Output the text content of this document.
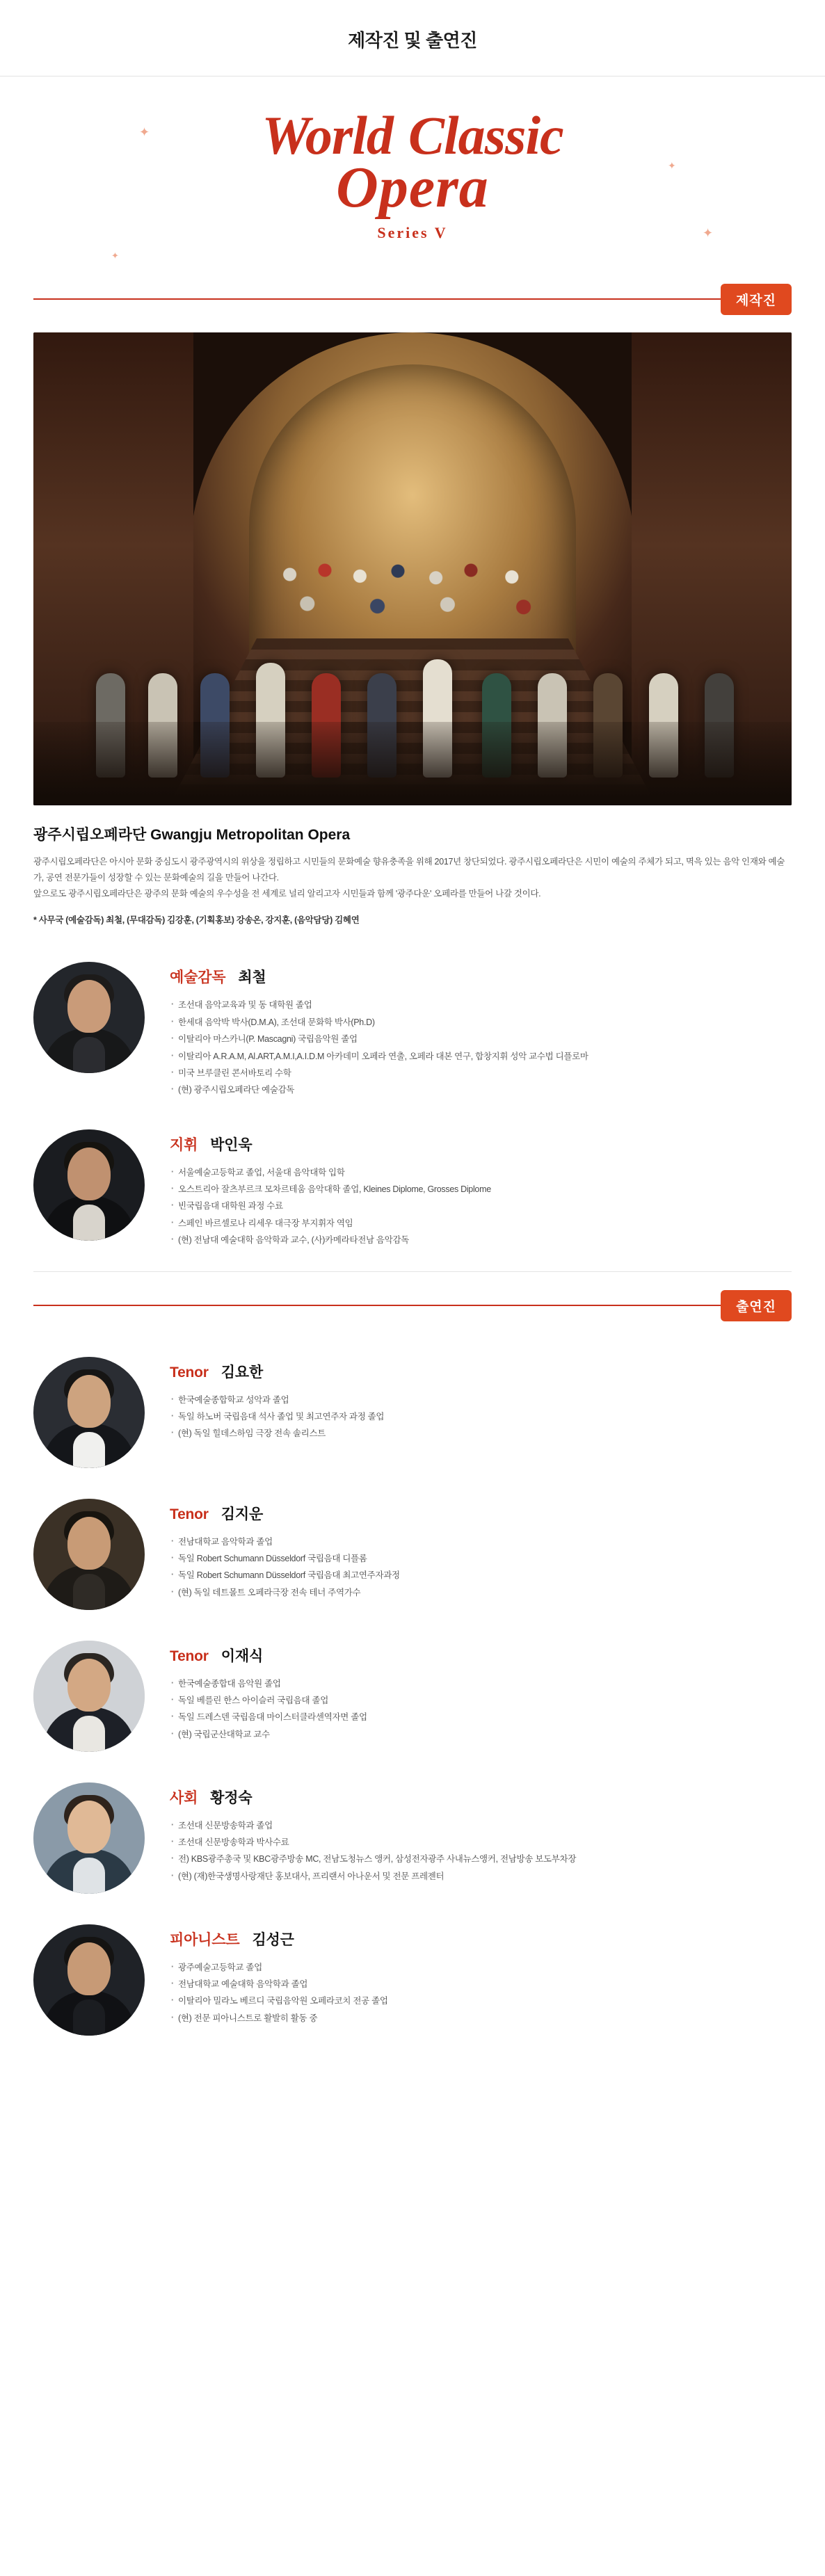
제작진 및 출연진
✦
✦
✦
✦
World Classic
Opera
Series V
제작진
광주시립오페라단 Gwangju Metropolitan Opera

광주시립오페라단은 아시아 문화 중심도시 광주광역시의 위상을 정립하고 시민들의 문화예술 향유충족을 위해 2017년 창단되었다. 광주시립오페라단은 시민이 예술의 주체가 되고, 멱윽 있는 음악 인재와 예술가, 공연 전문가들이 성장할 수 있는 문화예술의 길을 만들어 나간다.

앞으로도 광주시립오페라단은 광주의 문화 예술의 우수성을 전 세계로 널리 알리고자 시민들과 함께 '광주다운' 오페라를 만들어 나갈 것이다.

* 사무국 (예술감독) 최철, (무대감독) 김강훈, (기획홍보) 강송온, 강지훈, (음악담당) 김혜연
예술감독 최철
· 조선대 음악교육과 및 동 대학원 졸업
· 한세대 음악박 박사(D.M.A), 조선대 문화학 박사(Ph.D)
· 이탈리아 마스카니(P. Mascagni) 국립음악원 졸업
· 이탈리아 A.R.A.M, Al.ART,A.M.I,A.I.D.M 아카데미 오페라 연출, 오페라 대본 연구, 합창지휘 성악 교수법 디플로마
· 미국 브루클린 콘서바토리 수학
· (현) 광주시립오페라단 예술감독
지휘 박인욱
· 서울예술고등학교 졸업, 서울대 음악대학 입학
· 오스트리아 잘츠부르크 모차르테움 음악대학 졸업, Kleines Diplome, Grosses Diplome
· 빈국립음대 대학원 과정 수료
· 스페인 바르셀로나 리세우 대극장 부지휘자 역임
· (현) 전남대 예술대학 음악학과 교수, (사)카메라타전남 음악감독
출연진
Tenor 김요한
· 한국예술종합학교 성악과 졸업
· 독일 하노버 국립음대 석사 졸업 및 최고연주자 과정 졸업
· (현) 독일 힐데스하임 극장 전속 솔리스트
Tenor 김지운
· 전남대학교 음악학과 졸업
· 독일 Robert Schumann Düsseldorf 국립음대 디플롬
· 독일 Robert Schumann Düsseldorf 국립음대 최고연주자과정
· (현) 독일 데트몰트 오페라극장 전속 테너 주역가수
Tenor 이재식
· 한국예술종합대 음악원 졸업
· 독일 베를린 한스 아이슬러 국립음대 졸업
· 독일 드레스덴 국립음대 마이스터클라센역자면 졸업
· (현) 국립군산대학교 교수
사회 황정숙
· 조선대 신문방송학과 졸업
· 조선대 신문방송학과 박사수료
· 전) KBS광주총국 및 KBC광주방송 MC, 전남도청뉴스 앵커, 삼성전자광주 사내뉴스앵커, 전남방송 보도부차장
· (현) (재)한국생명사랑재단 홍보대사, 프리랜서 아나운서 및 전문 프레젠터
피아니스트 김성근
· 광주예술고등학교 졸업
· 전남대학교 예술대학 음악학과 졸업
· 이탈리아 밀라노 베르디 국립음악원 오페라코치 전공 졸업
· (현) 전문 피아니스트로 활발히 활동 중
